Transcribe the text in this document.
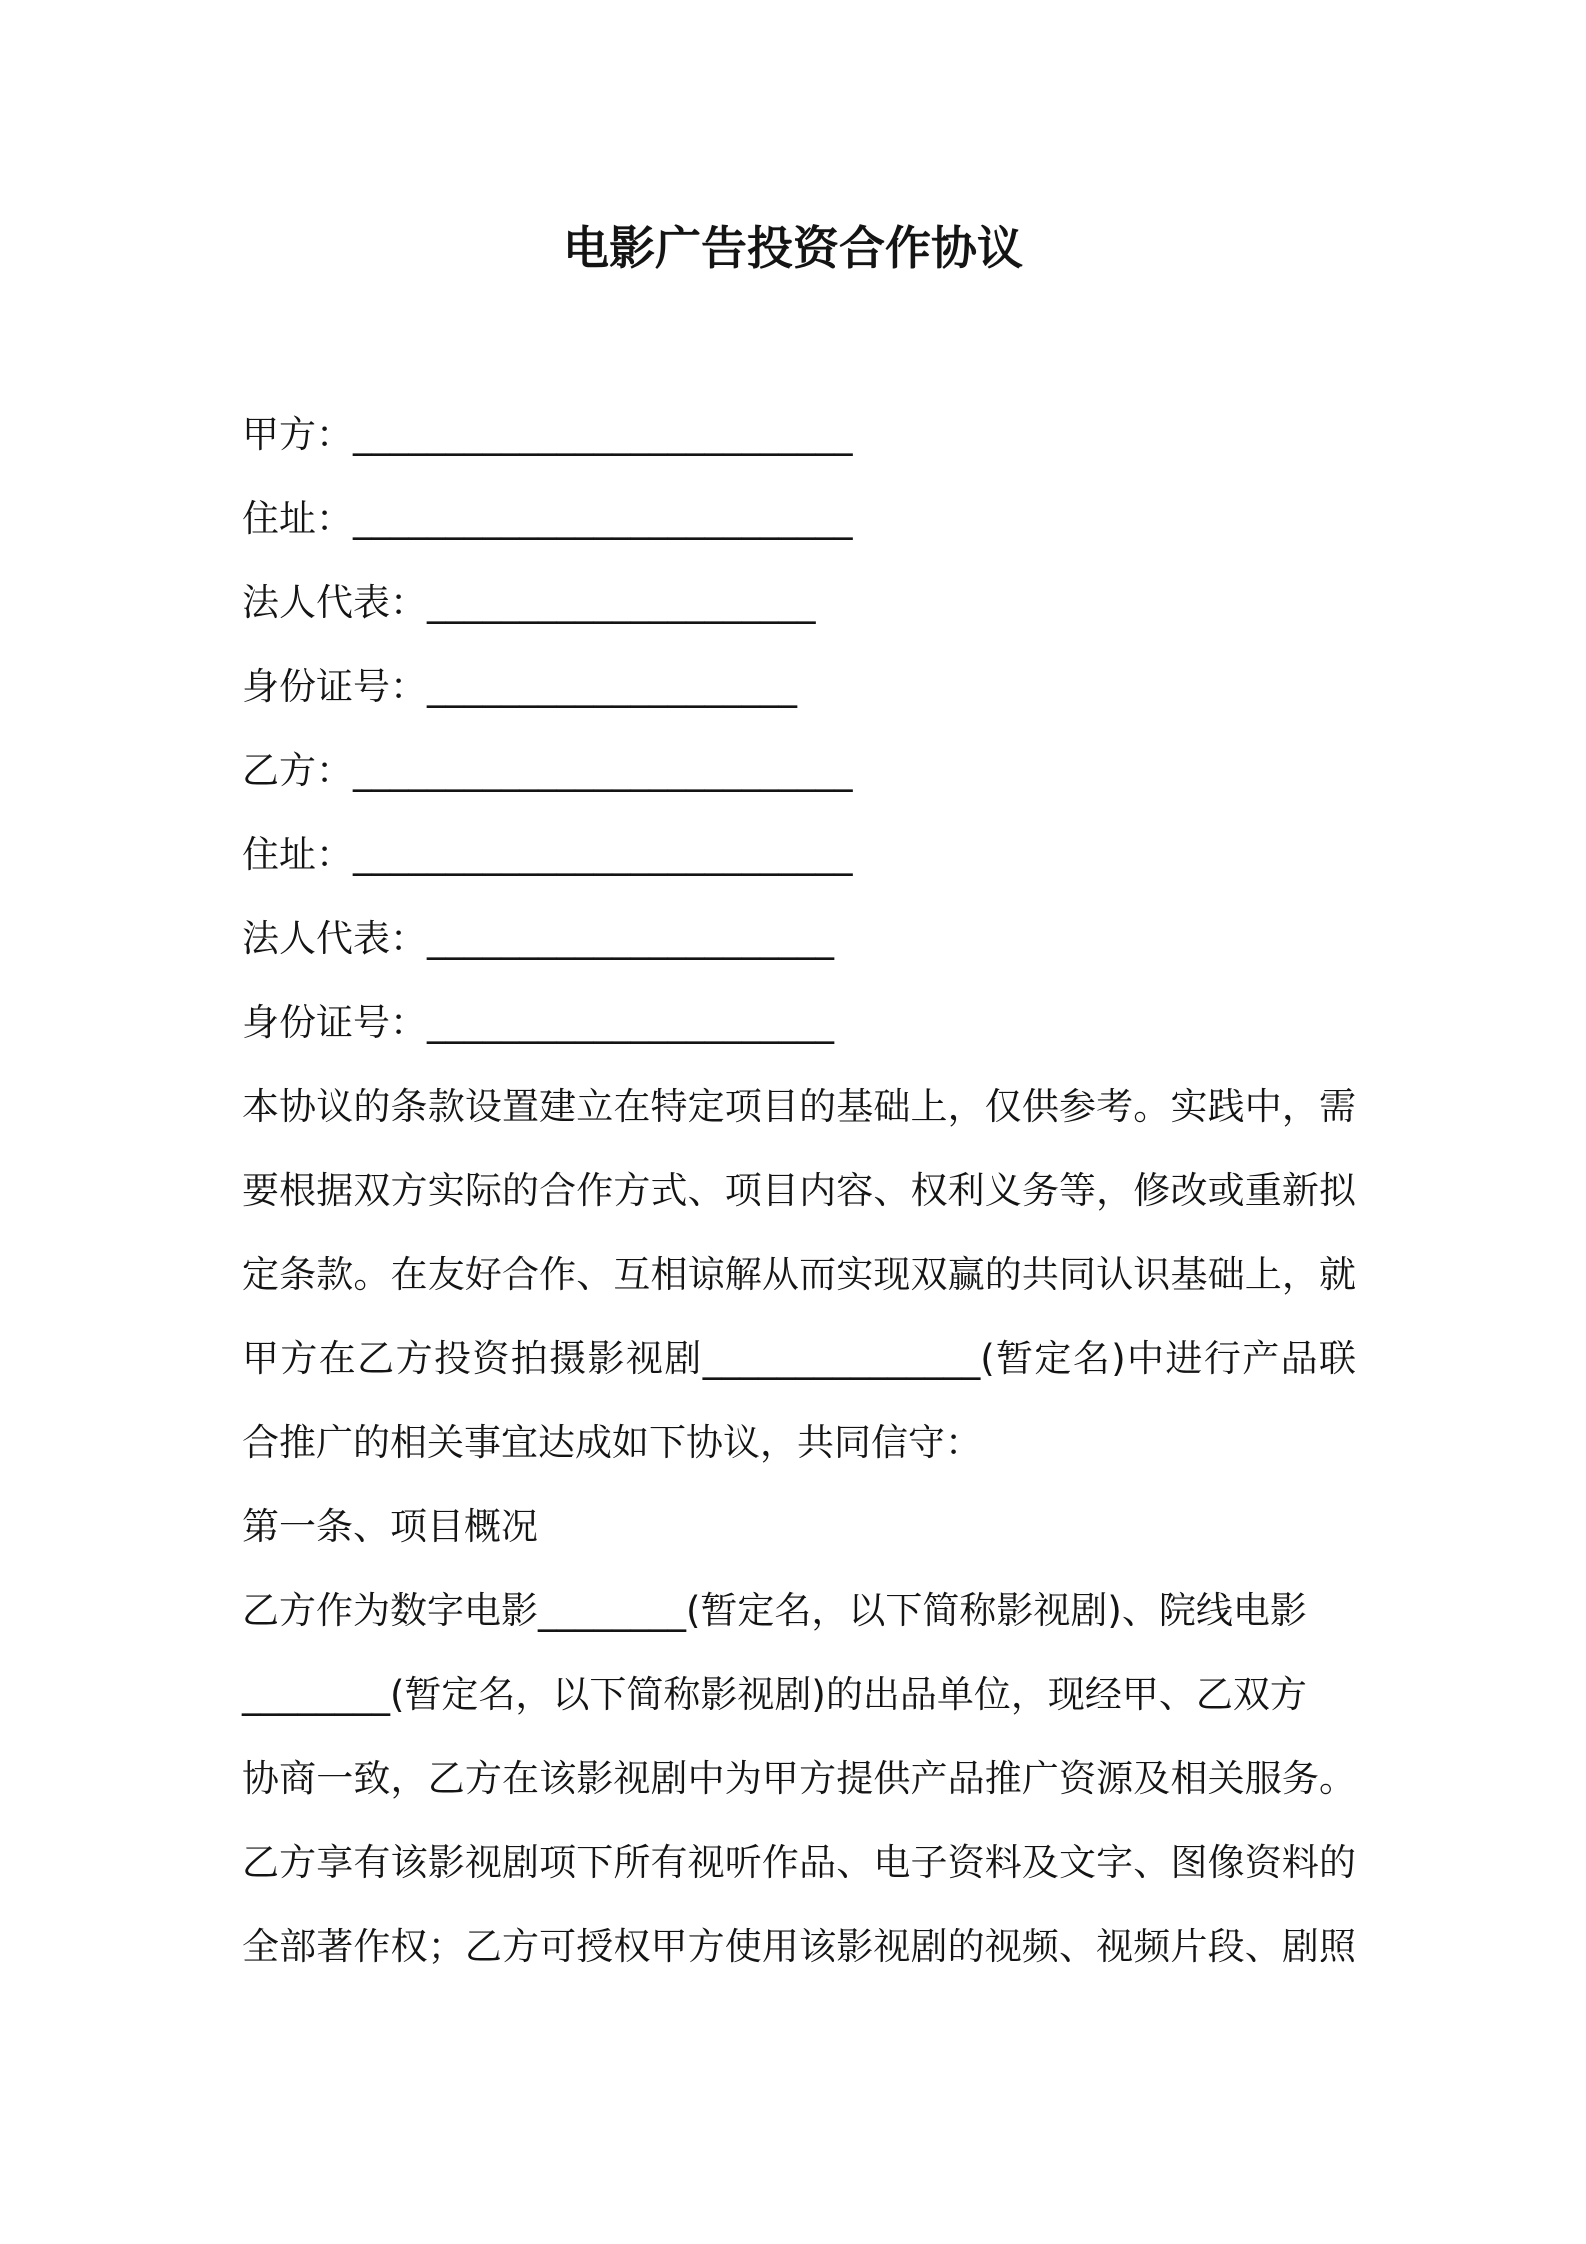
电影广告投资合作协议
甲方：___________________________
住址：___________________________
法人代表：_____________________
身份证号：____________________
乙方：___________________________
住址：___________________________
法人代表：______________________
身份证号：______________________
本协议的条款设置建立在特定项目的基础上，仅供参考。实践中，需
要根据双方实际的合作方式、项目内容、权利义务等，修改或重新拟
定条款。在友好合作、互相谅解从而实现双赢的共同认识基础上，就
甲方在乙方投资拍摄影视剧_______________(暂定名)中进行产品联
合推广的相关事宜达成如下协议，共同信守：
第一条、项目概况
乙方作为数字电影________(暂定名，以下简称影视剧)、院线电影
________(暂定名，以下简称影视剧)的出品单位，现经甲、乙双方
协商一致，乙方在该影视剧中为甲方提供产品推广资源及相关服务。
乙方享有该影视剧项下所有视听作品、电子资料及文字、图像资料的
全部著作权；乙方可授权甲方使用该影视剧的视频、视频片段、剧照
